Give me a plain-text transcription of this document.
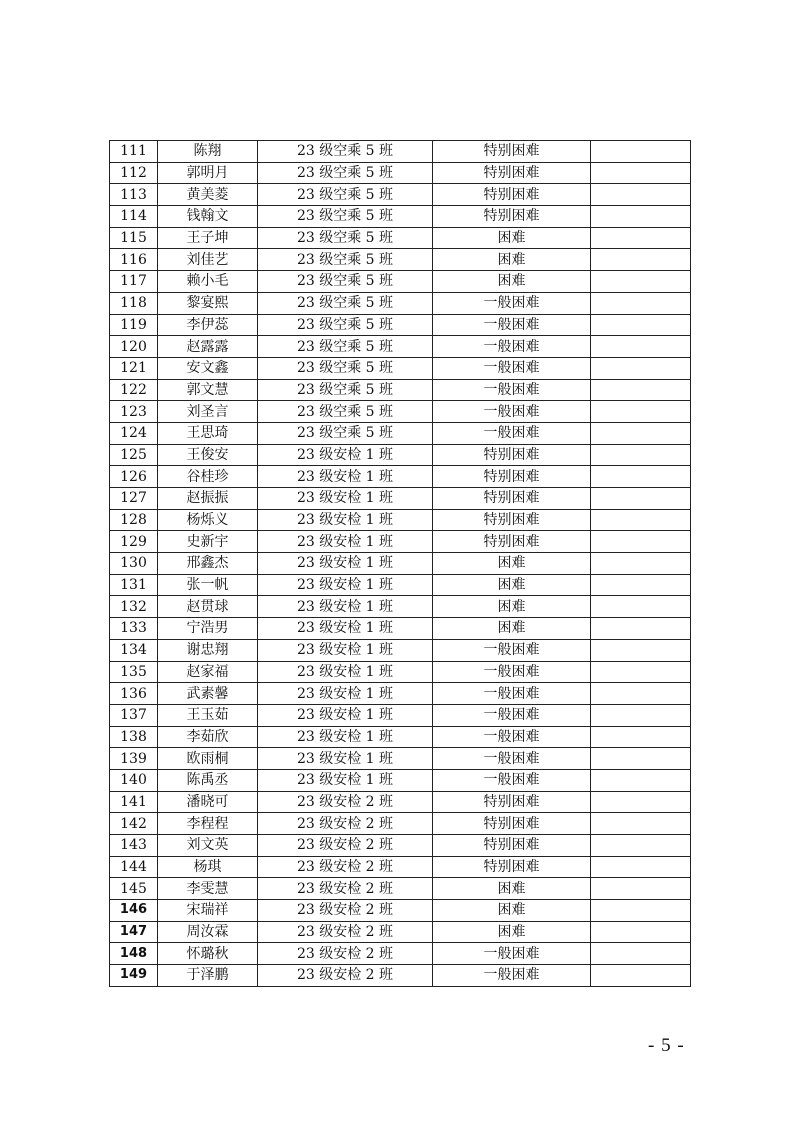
111	陈翔	23 级空乘 5 班	特别困难	
112	郭明月	23 级空乘 5 班	特别困难	
113	黄美菱	23 级空乘 5 班	特别困难	
114	钱翰文	23 级空乘 5 班	特别困难	
115	王子坤	23 级空乘 5 班	困难	
116	刘佳艺	23 级空乘 5 班	困难	
117	赖小毛	23 级空乘 5 班	困难	
118	黎宴熙	23 级空乘 5 班	一般困难	
119	李伊蕊	23 级空乘 5 班	一般困难	
120	赵露露	23 级空乘 5 班	一般困难	
121	安文鑫	23 级空乘 5 班	一般困难	
122	郭文慧	23 级空乘 5 班	一般困难	
123	刘圣言	23 级空乘 5 班	一般困难	
124	王思琦	23 级空乘 5 班	一般困难	
125	王俊安	23 级安检 1 班	特别困难	
126	谷桂珍	23 级安检 1 班	特别困难	
127	赵振振	23 级安检 1 班	特别困难	
128	杨烁义	23 级安检 1 班	特别困难	
129	史新宇	23 级安检 1 班	特别困难	
130	邢鑫杰	23 级安检 1 班	困难	
131	张一帆	23 级安检 1 班	困难	
132	赵贯球	23 级安检 1 班	困难	
133	宁浩男	23 级安检 1 班	困难	
134	谢忠翔	23 级安检 1 班	一般困难	
135	赵家福	23 级安检 1 班	一般困难	
136	武素馨	23 级安检 1 班	一般困难	
137	王玉茹	23 级安检 1 班	一般困难	
138	李茹欣	23 级安检 1 班	一般困难	
139	欧雨桐	23 级安检 1 班	一般困难	
140	陈禹丞	23 级安检 1 班	一般困难	
141	潘晓可	23 级安检 2 班	特别困难	
142	李程程	23 级安检 2 班	特别困难	
143	刘文英	23 级安检 2 班	特别困难	
144	杨琪	23 级安检 2 班	特别困难	
145	李雯慧	23 级安检 2 班	困难	
146	宋瑞祥	23 级安检 2 班	困难	
147	周汝霖	23 级安检 2 班	困难	
148	怀璐秋	23 级安检 2 班	一般困难	
149	于泽鹏	23 级安检 2 班	一般困难	
- 5 -
